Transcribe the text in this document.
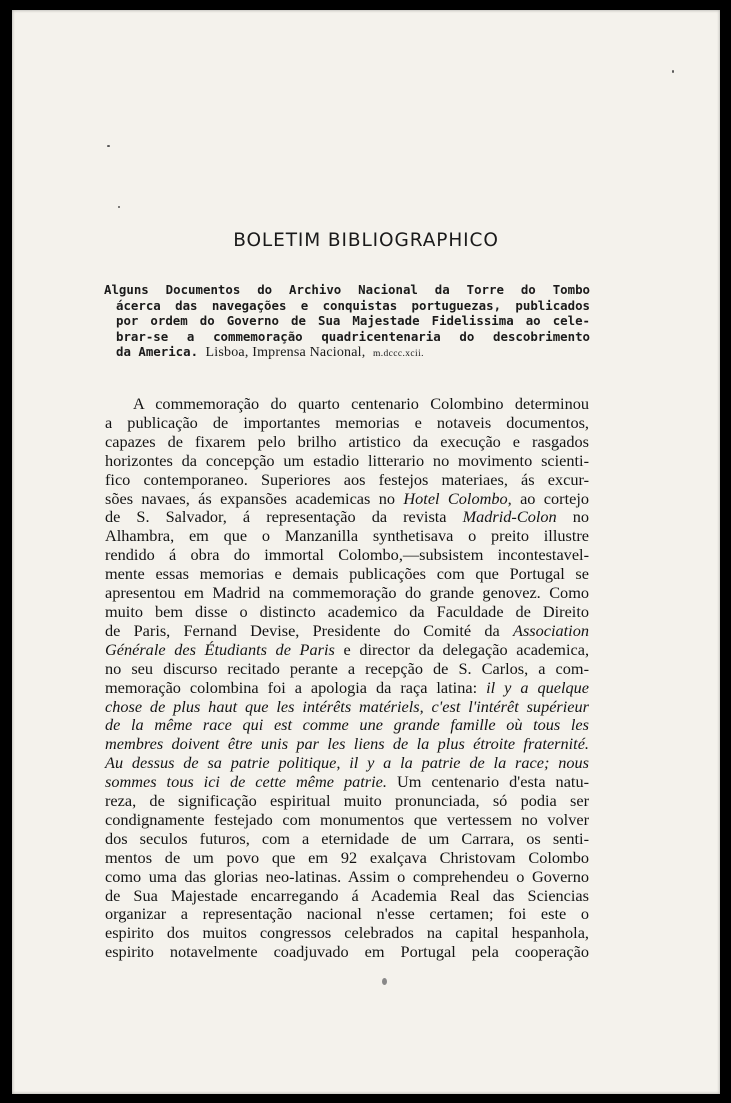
BOLETIM BIBLIOGRAPHICO
Alguns Documentos do Archivo Nacional da Torre do Tombo
ácerca das navegações e conquistas portuguezas, publicados
por ordem do Governo de Sua Majestade Fidelissima ao cele-
brar-se a commemoração quadricentenaria do descobrimento
da America. Lisboa, Imprensa Nacional, m.dccc.xcii.
A commemoração do quarto centenario Colombino determinou
a publicação de importantes memorias e notaveis documentos,
capazes de fixarem pelo brilho artistico da execução e rasgados
horizontes da concepção um estadio litterario no movimento scienti-
fico contemporaneo. Superiores aos festejos materiaes, ás excur-
sões navaes, ás expansões academicas no Hotel Colombo, ao cortejo
de S. Salvador, á representação da revista Madrid-Colon no
Alhambra, em que o Manzanilla synthetisava o preito illustre
rendido á obra do immortal Colombo,—subsistem incontestavel-
mente essas memorias e demais publicações com que Portugal se
apresentou em Madrid na commemoração do grande genovez. Como
muito bem disse o distincto academico da Faculdade de Direito
de Paris, Fernand Devise, Presidente do Comité da Association
Générale des Étudiants de Paris e director da delegação academica,
no seu discurso recitado perante a recepção de S. Carlos, a com-
memoração colombina foi a apologia da raça latina: il y a quelque
chose de plus haut que les intérêts matériels, c'est l'intérêt supérieur
de la même race qui est comme une grande famille où tous les
membres doivent être unis par les liens de la plus étroite fraternité.
Au dessus de sa patrie politique, il y a la patrie de la race; nous
sommes tous ici de cette même patrie. Um centenario d'esta natu-
reza, de significação espiritual muito pronunciada, só podia ser
condignamente festejado com monumentos que vertessem no volver
dos seculos futuros, com a eternidade de um Carrara, os senti-
mentos de um povo que em 92 exalçava Christovam Colombo
como uma das glorias neo-latinas. Assim o comprehendeu o Governo
de Sua Majestade encarregando á Academia Real das Sciencias
organizar a representação nacional n'esse certamen; foi este o
espirito dos muitos congressos celebrados na capital hespanhola,
espirito notavelmente coadjuvado em Portugal pela cooperação
